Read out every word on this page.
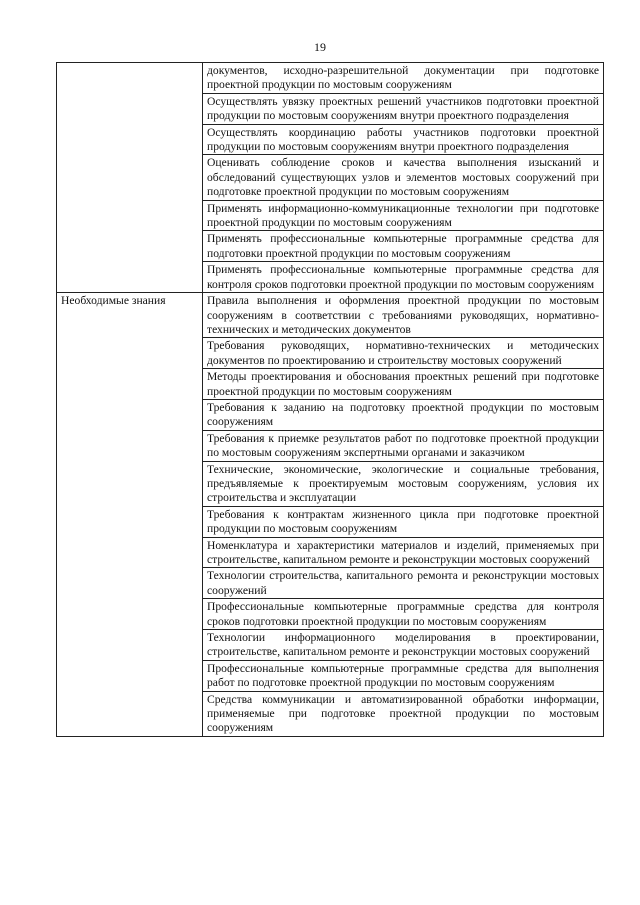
19
	документов, исходно-разрешительной документации при подготовке проектной продукции по мостовым сооружениям
	Осуществлять увязку проектных решений участников подготовки проектной продукции по мостовым сооружениям внутри проектного подразделения
	Осуществлять координацию работы участников подготовки проектной продукции по мостовым сооружениям внутри проектного подразделения
	Оценивать соблюдение сроков и качества выполнения изысканий и обследований существующих узлов и элементов мостовых сооружений при подготовке проектной продукции по мостовым сооружениям
	Применять информационно-коммуникационные технологии при подготовке проектной продукции по мостовым сооружениям
	Применять профессиональные компьютерные программные средства для подготовки проектной продукции по мостовым сооружениям
	Применять профессиональные компьютерные программные средства для контроля сроков подготовки проектной продукции по мостовым сооружениям
Необходимые знания	Правила выполнения и оформления проектной продукции по мостовым сооружениям в соответствии с требованиями руководящих, нормативно-технических и методических документов
	Требования руководящих, нормативно-технических и методических документов по проектированию и строительству мостовых сооружений
	Методы проектирования и обоснования проектных решений при подготовке проектной продукции по мостовым сооружениям
	Требования к заданию на подготовку проектной продукции по мостовым сооружениям
	Требования к приемке результатов работ по подготовке проектной продукции по мостовым сооружениям экспертными органами и заказчиком
	Технические, экономические, экологические и социальные требования, предъявляемые к проектируемым мостовым сооружениям, условия их строительства и эксплуатации
	Требования к контрактам жизненного цикла при подготовке проектной продукции по мостовым сооружениям
	Номенклатура и характеристики материалов и изделий, применяемых при строительстве, капитальном ремонте и реконструкции мостовых сооружений
	Технологии строительства, капитального ремонта и реконструкции мостовых сооружений
	Профессиональные компьютерные программные средства для контроля сроков подготовки проектной продукции по мостовым сооружениям
	Технологии информационного моделирования в проектировании, строительстве, капитальном ремонте и реконструкции мостовых сооружений
	Профессиональные компьютерные программные средства для выполнения работ по подготовке проектной продукции по мостовым сооружениям
	Средства коммуникации и автоматизированной обработки информации, применяемые при подготовке проектной продукции по мостовым сооружениям
